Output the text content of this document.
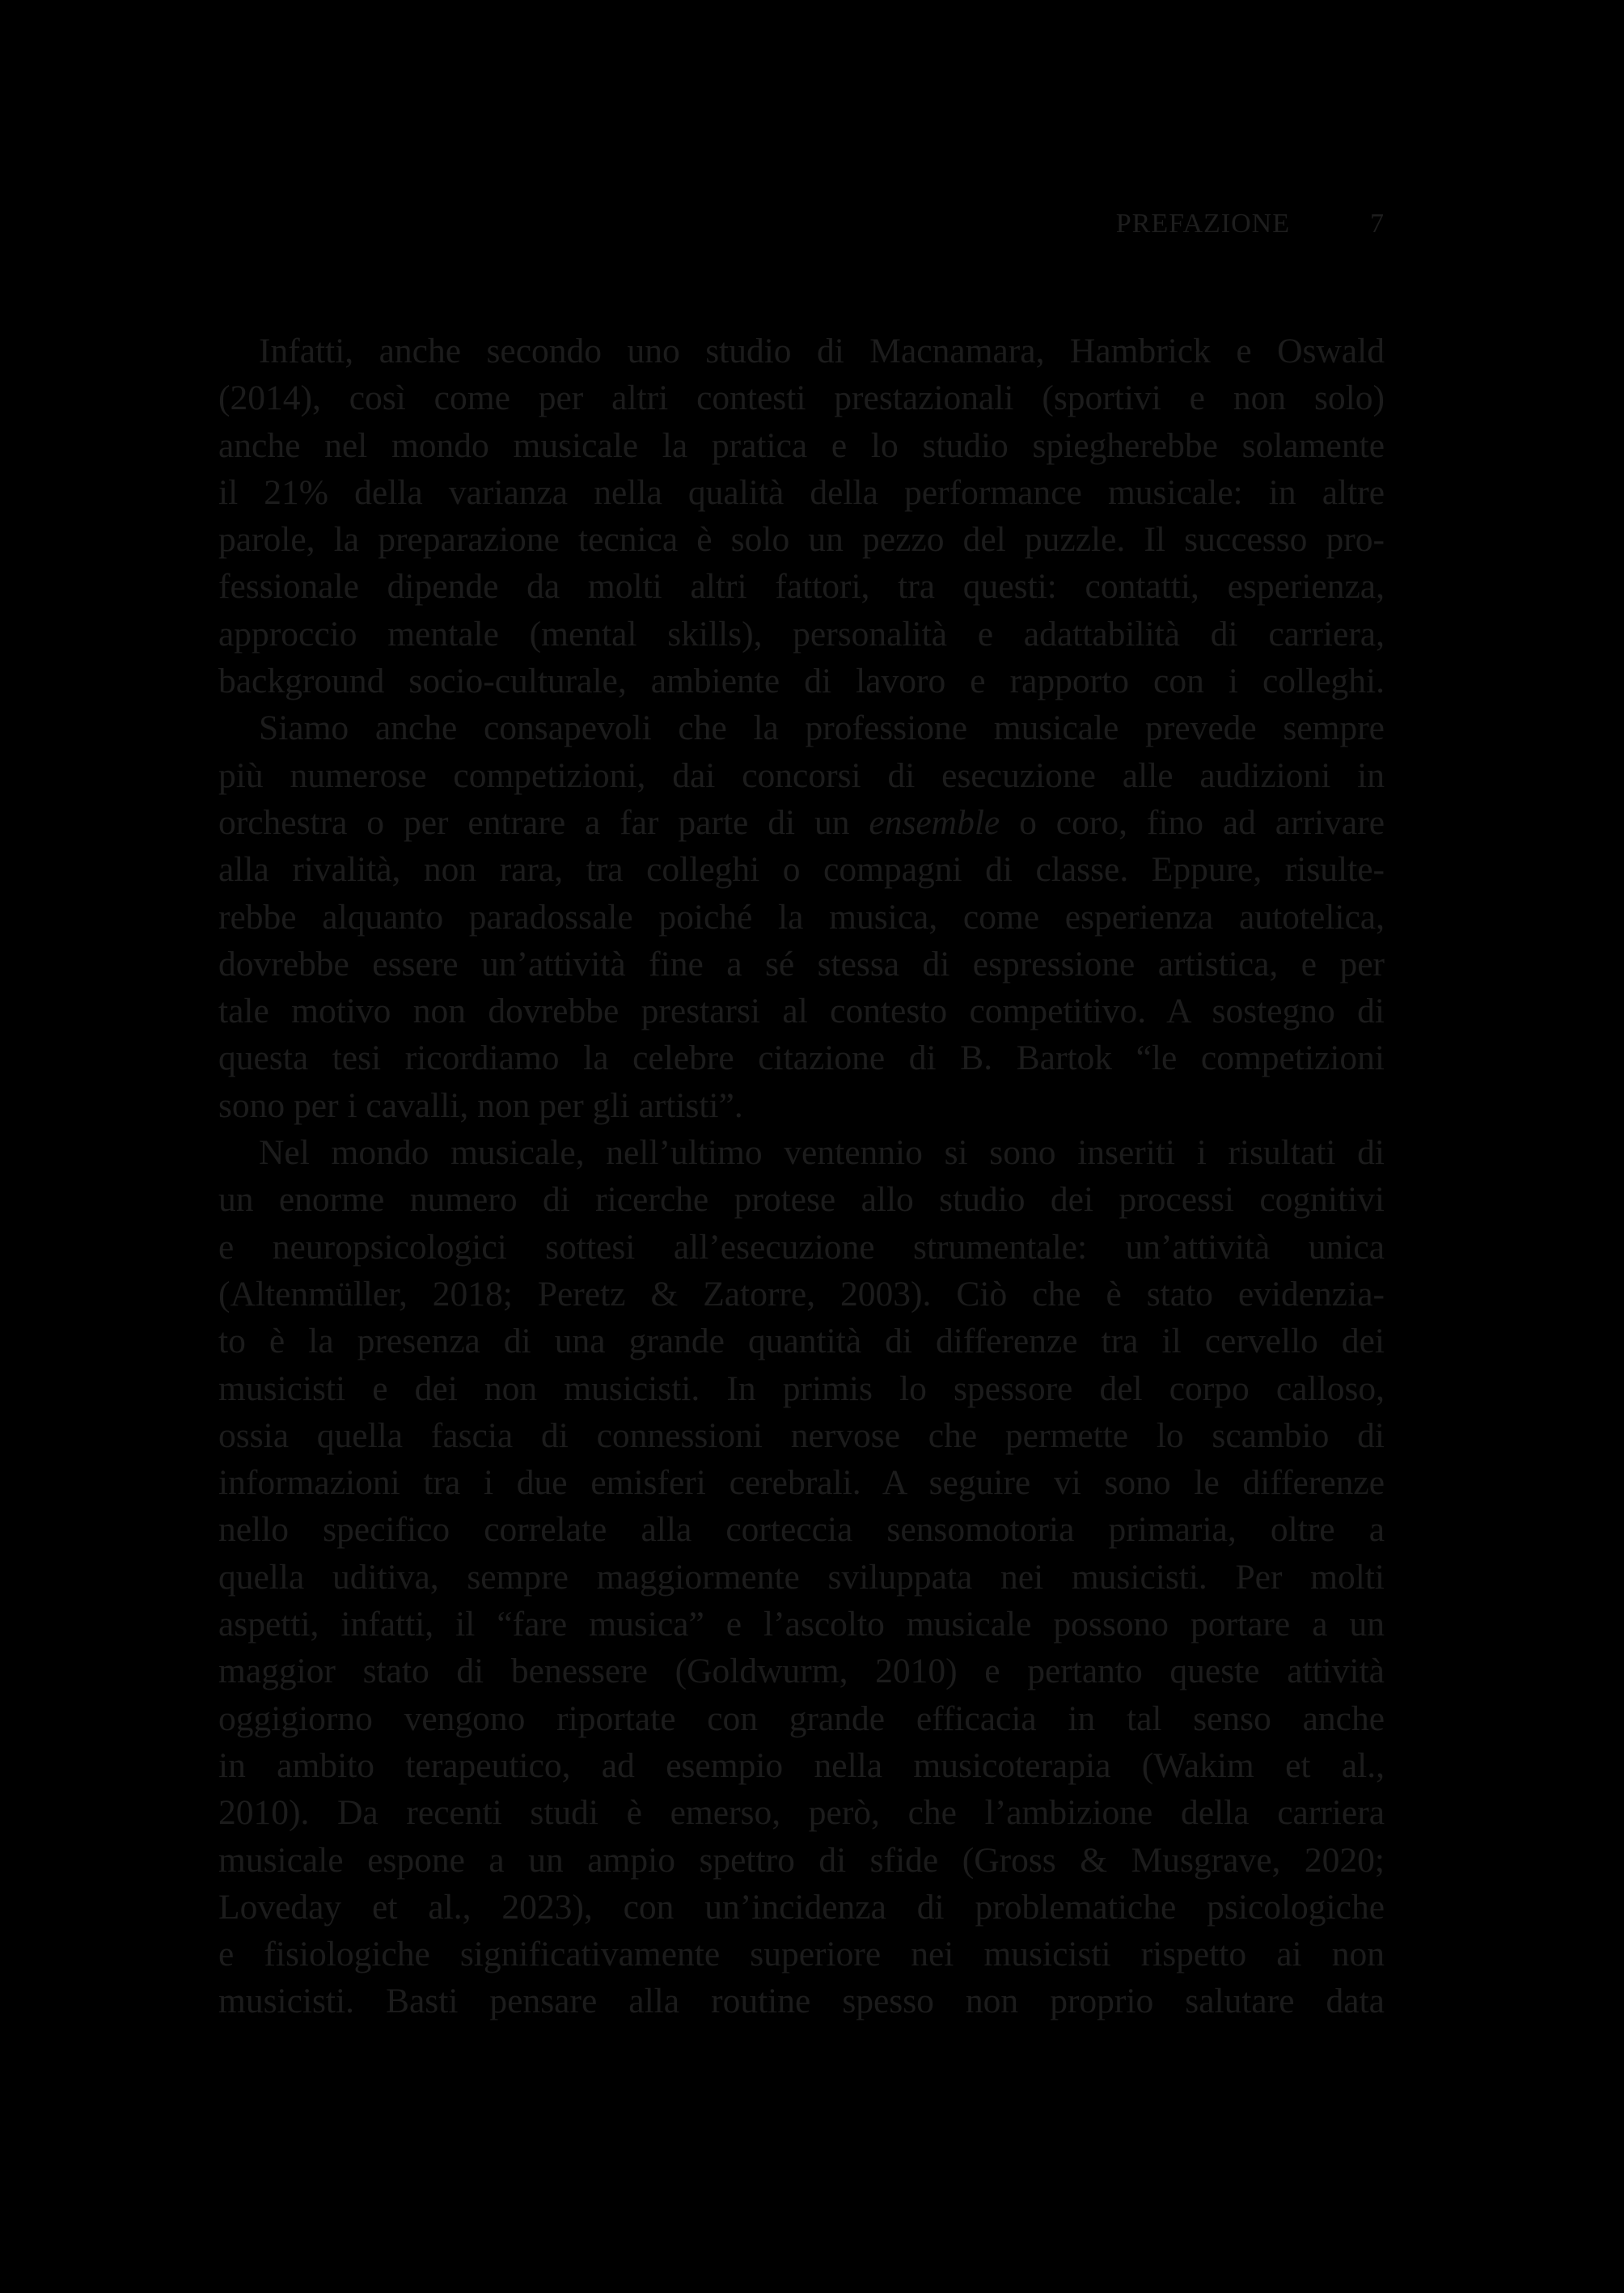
PREFAZIONE	7
Infatti, anche secondo uno studio di Macnamara, Hambrick e Oswald
(2014), così come per altri contesti prestazionali (sportivi e non solo)
anche nel mondo musicale la pratica e lo studio spiegherebbe solamente
il 21% della varianza nella qualità della performance musicale: in altre
parole, la preparazione tecnica è solo un pezzo del puzzle. Il successo pro-
fessionale dipende da molti altri fattori, tra questi: contatti, esperienza,
approccio mentale (mental skills), personalità e adattabilità di carriera,
background socio-culturale, ambiente di lavoro e rapporto con i colleghi.
Siamo anche consapevoli che la professione musicale prevede sempre
più numerose competizioni, dai concorsi di esecuzione alle audizioni in
orchestra o per entrare a far parte di un ensemble o coro, fino ad arrivare
alla rivalità, non rara, tra colleghi o compagni di classe. Eppure, risulte-
rebbe alquanto paradossale poiché la musica, come esperienza autotelica,
dovrebbe essere un’attività fine a sé stessa di espressione artistica, e per
tale motivo non dovrebbe prestarsi al contesto competitivo. A sostegno di
questa tesi ricordiamo la celebre citazione di B. Bartok “le competizioni
sono per i cavalli, non per gli artisti”.
Nel mondo musicale, nell’ultimo ventennio si sono inseriti i risultati di
un enorme numero di ricerche protese allo studio dei processi cognitivi
e neuropsicologici sottesi all’esecuzione strumentale: un’attività unica
(Altenmüller, 2018; Peretz & Zatorre, 2003). Ciò che è stato evidenzia-
to è la presenza di una grande quantità di differenze tra il cervello dei
musicisti e dei non musicisti. In primis lo spessore del corpo calloso,
ossia quella fascia di connessioni nervose che permette lo scambio di
informazioni tra i due emisferi cerebrali. A seguire vi sono le differenze
nello specifico correlate alla corteccia sensomotoria primaria, oltre a
quella uditiva, sempre maggiormente sviluppata nei musicisti. Per molti
aspetti, infatti, il “fare musica” e l’ascolto musicale possono portare a un
maggior stato di benessere (Goldwurm, 2010) e pertanto queste attività
oggigiorno vengono riportate con grande efficacia in tal senso anche
in ambito terapeutico, ad esempio nella musicoterapia (Wakim et al.,
2010). Da recenti studi è emerso, però, che l’ambizione della carriera
musicale espone a un ampio spettro di sfide (Gross & Musgrave, 2020;
Loveday et al., 2023), con un’incidenza di problematiche psicologiche
e fisiologiche significativamente superiore nei musicisti rispetto ai non
musicisti. Basti pensare alla routine spesso non proprio salutare data
